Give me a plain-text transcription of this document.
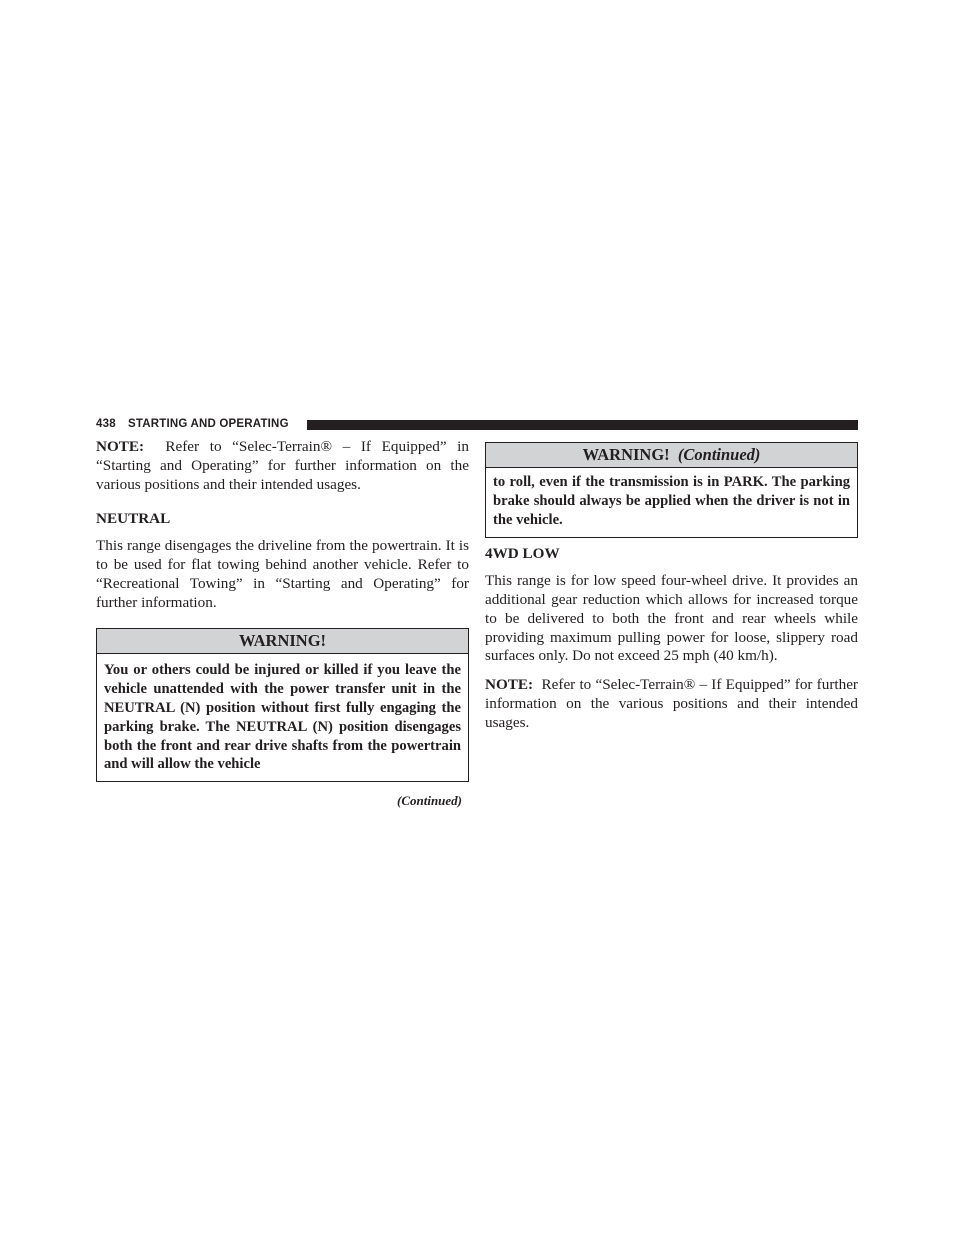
438 STARTING AND OPERATING

NOTE: Refer to “Selec-Terrain® – If Equipped” in “Starting and Operating” for further information on the various positions and their intended usages.

NEUTRAL

This range disengages the driveline from the powertrain. It is to be used for flat towing behind another vehicle. Refer to “Recreational Towing” in “Starting and Operating” for further information.

WARNING!
You or others could be injured or killed if you leave the vehicle unattended with the power transfer unit in the NEUTRAL (N) position without first fully engaging the parking brake. The NEUTRAL (N) position disengages both the front and rear drive shafts from the powertrain and will allow the vehicle
(Continued)
WARNING! (Continued)
to roll, even if the transmission is in PARK. The parking brake should always be applied when the driver is not in the vehicle.
4WD LOW

This range is for low speed four-wheel drive. It provides an additional gear reduction which allows for increased torque to be delivered to both the front and rear wheels while providing maximum pulling power for loose, slippery road surfaces only. Do not exceed 25 mph (40 km/h).

NOTE: Refer to “Selec-Terrain® – If Equipped” for further information on the various positions and their intended usages.
